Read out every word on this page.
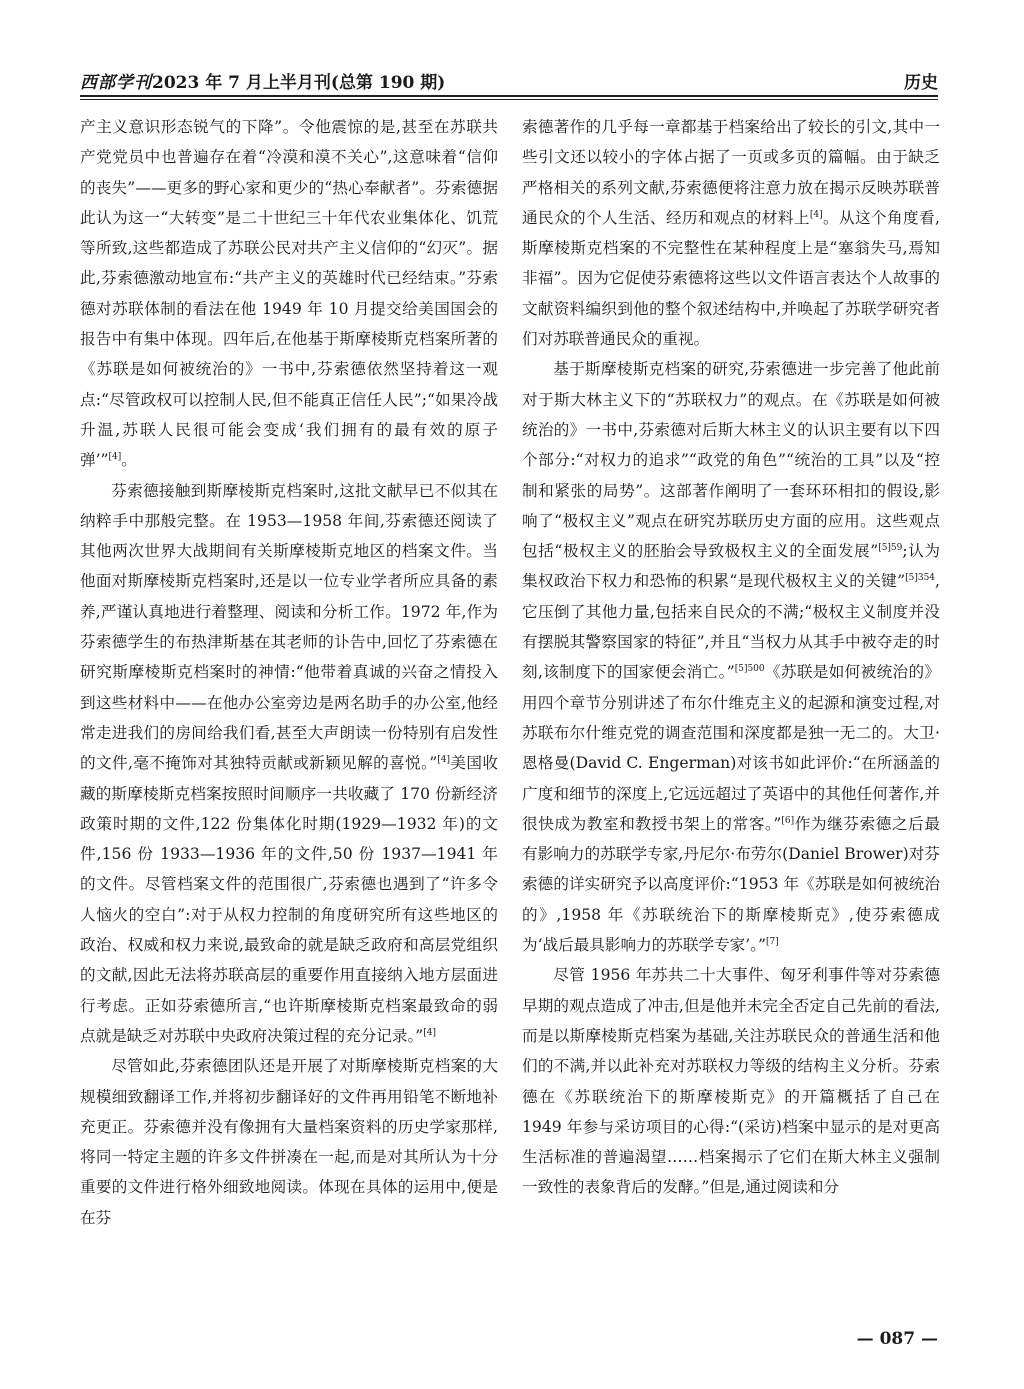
西部学刊2023 年 7 月上半月刊(总第 190 期)	历史

产主义意识形态锐气的下降”。令他震惊的是,甚至在苏联共产党党员中也普遍存在着“冷漠和漠不关心”,这意味着“信仰的丧失”——更多的野心家和更少的“热心奉献者”。芬索德据此认为这一“大转变”是二十世纪三十年代农业集体化、饥荒等所致,这些都造成了苏联公民对共产主义信仰的“幻灭”。据此,芬索德激动地宣布:“共产主义的英雄时代已经结束。”芬索德对苏联体制的看法在他 1949 年 10 月提交给美国国会的报告中有集中体现。四年后,在他基于斯摩棱斯克档案所著的《苏联是如何被统治的》一书中,芬索德依然坚持着这一观点:“尽管政权可以控制人民,但不能真正信任人民”;“如果冷战升温,苏联人民很可能会变成‘我们拥有的最有效的原子弹’”[4]。

芬索德接触到斯摩棱斯克档案时,这批文献早已不似其在纳粹手中那般完整。在 1953—1958 年间,芬索德还阅读了其他两次世界大战期间有关斯摩棱斯克地区的档案文件。当他面对斯摩棱斯克档案时,还是以一位专业学者所应具备的素养,严谨认真地进行着整理、阅读和分析工作。1972 年,作为芬索德学生的布热津斯基在其老师的讣告中,回忆了芬索德在研究斯摩棱斯克档案时的神情:“他带着真诚的兴奋之情投入到这些材料中——在他办公室旁边是两名助手的办公室,他经常走进我们的房间给我们看,甚至大声朗读一份特别有启发性的文件,毫不掩饰对其独特贡献或新颖见解的喜悦。”[4]美国收藏的斯摩棱斯克档案按照时间顺序一共收藏了 170 份新经济政策时期的文件,122 份集体化时期(1929—1932 年)的文件,156 份 1933—1936 年的文件,50 份 1937—1941 年的文件。尽管档案文件的范围很广,芬索德也遇到了“许多令人恼火的空白”:对于从权力控制的角度研究所有这些地区的政治、权威和权力来说,最致命的就是缺乏政府和高层党组织的文献,因此无法将苏联高层的重要作用直接纳入地方层面进行考虑。正如芬索德所言,“也许斯摩棱斯克档案最致命的弱点就是缺乏对苏联中央政府决策过程的充分记录。”[4]

尽管如此,芬索德团队还是开展了对斯摩棱斯克档案的大规模细致翻译工作,并将初步翻译好的文件再用铅笔不断地补充更正。芬索德并没有像拥有大量档案资料的历史学家那样,将同一特定主题的许多文件拼凑在一起,而是对其所认为十分重要的文件进行格外细致地阅读。体现在具体的运用中,便是在芬

索德著作的几乎每一章都基于档案给出了较长的引文,其中一些引文还以较小的字体占据了一页或多页的篇幅。由于缺乏严格相关的系列文献,芬索德便将注意力放在揭示反映苏联普通民众的个人生活、经历和观点的材料上[4]。从这个角度看,斯摩棱斯克档案的不完整性在某种程度上是“塞翁失马,焉知非福”。因为它促使芬索德将这些以文件语言表达个人故事的文献资料编织到他的整个叙述结构中,并唤起了苏联学研究者们对苏联普通民众的重视。

基于斯摩棱斯克档案的研究,芬索德进一步完善了他此前对于斯大林主义下的“苏联权力”的观点。在《苏联是如何被统治的》一书中,芬索德对后斯大林主义的认识主要有以下四个部分:“对权力的追求”“政党的角色”“统治的工具”以及“控制和紧张的局势”。这部著作阐明了一套环环相扣的假设,影响了“极权主义”观点在研究苏联历史方面的应用。这些观点包括“极权主义的胚胎会导致极权主义的全面发展”$^{[5]59}$;认为集权政治下权力和恐怖的积累“是现代极权主义的关键”$^{[5]354}$,它压倒了其他力量,包括来自民众的不满;“极权主义制度并没有摆脱其警察国家的特征”,并且“当权力从其手中被夺走的时刻,该制度下的国家便会消亡。”$^{[5]500}$《苏联是如何被统治的》用四个章节分别讲述了布尔什维克主义的起源和演变过程,对苏联布尔什维克党的调查范围和深度都是独一无二的。大卫·恩格曼(David C. Engerman)对该书如此评价:“在所涵盖的广度和细节的深度上,它远远超过了英语中的其他任何著作,并很快成为教室和教授书架上的常客。”[6]作为继芬索德之后最有影响力的苏联学专家,丹尼尔·布劳尔(Daniel Brower)对芬索德的详实研究予以高度评价:“1953 年《苏联是如何被统治的》,1958 年《苏联统治下的斯摩棱斯克》,使芬索德成为‘战后最具影响力的苏联学专家’。”[7]

尽管 1956 年苏共二十大事件、匈牙利事件等对芬索德早期的观点造成了冲击,但是他并未完全否定自己先前的看法,而是以斯摩棱斯克档案为基础,关注苏联民众的普通生活和他们的不满,并以此补充对苏联权力等级的结构主义分析。芬索德在《苏联统治下的斯摩棱斯克》的开篇概括了自己在 1949 年参与采访项目的心得:“(采访)档案中显示的是对更高生活标准的普遍渴望……档案揭示了它们在斯大林主义强制一致性的表象背后的发酵。”但是,通过阅读和分

— 087 —
